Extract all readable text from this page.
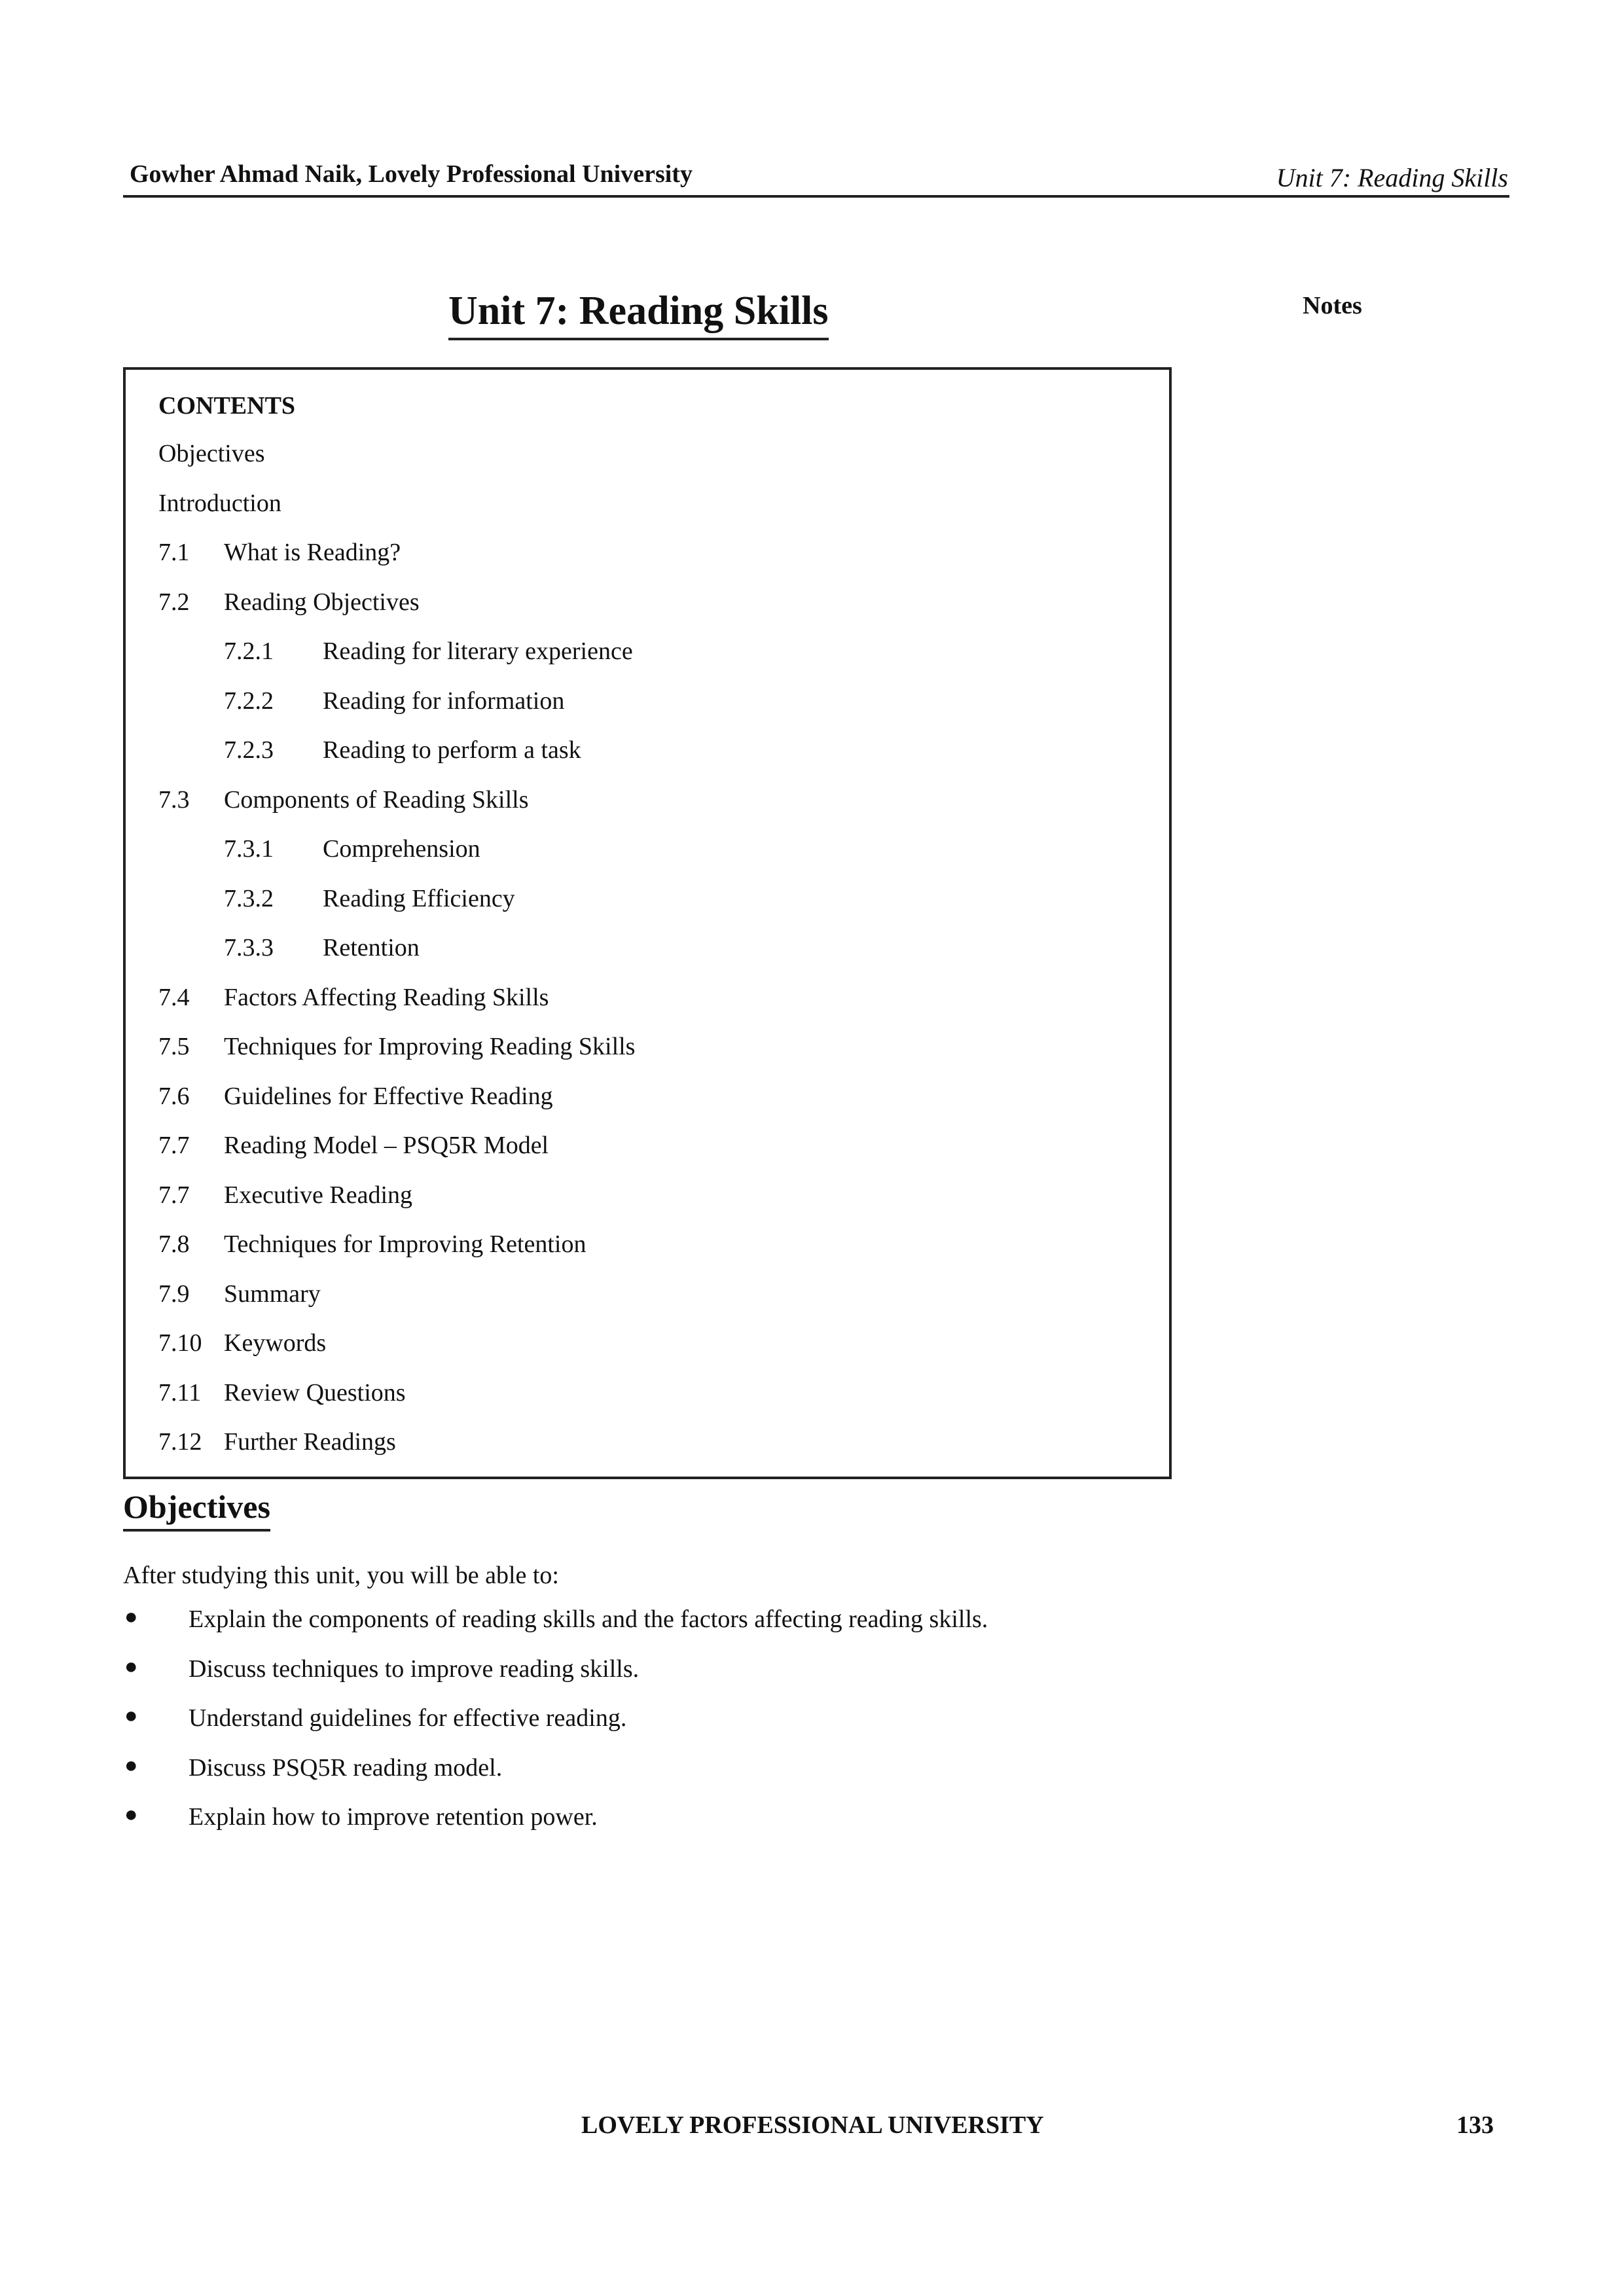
Gowher Ahmad Naik, Lovely Professional University	Unit 7: Reading Skills
Notes
Unit 7: Reading Skills
CONTENTS
Objectives
Introduction
7.1 What is Reading?
7.2 Reading Objectives
7.2.1 Reading for literary experience
7.2.2 Reading for information
7.2.3 Reading to perform a task
7.3 Components of Reading Skills
7.3.1 Comprehension
7.3.2 Reading Efficiency
7.3.3 Retention
7.4 Factors Affecting Reading Skills
7.5 Techniques for Improving Reading Skills
7.6 Guidelines for Effective Reading
7.7 Reading Model – PSQ5R Model
7.7 Executive Reading
7.8 Techniques for Improving Retention
7.9 Summary
7.10 Keywords
7.11 Review Questions
7.12 Further Readings
Objectives
After studying this unit, you will be able to:
● Explain the components of reading skills and the factors affecting reading skills.
● Discuss techniques to improve reading skills.
● Understand guidelines for effective reading.
● Discuss PSQ5R reading model.
● Explain how to improve retention power.
LOVELY PROFESSIONAL UNIVERSITY	133
